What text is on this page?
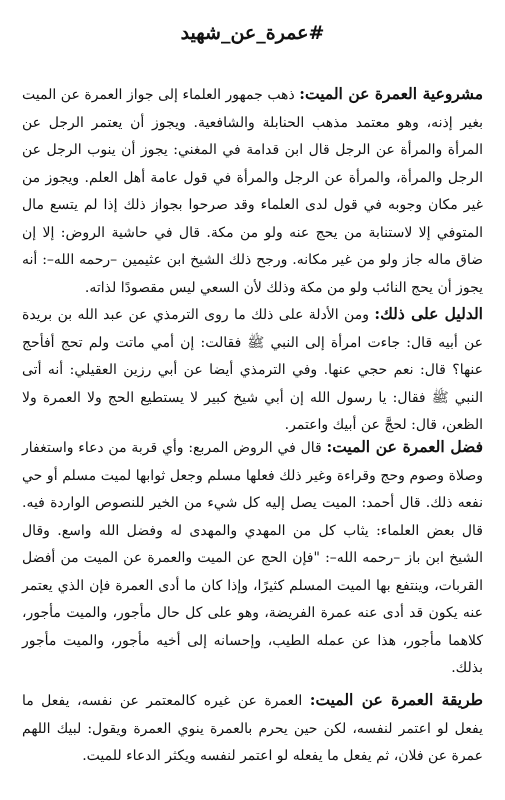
#عمرة_عن_شهيد
مشروعية العمرة عن الميت: ذهب جمهور العلماء إلى جواز العمرة عن الميت بغير إذنه، وهو معتمد مذهب الحنابلة والشافعية. ويجوز أن يعتمر الرجل عن المرأة والمرأة عن الرجل قال ابن قدامة في المغني: يجوز أن ينوب الرجل عن الرجل والمرأة، والمرأة عن الرجل والمرأة في قول عامة أهل العلم. ويجوز من غير مكان وجوبه في قول لدى العلماء وقد صرحوا بجواز ذلك إذا لم يتسع مال المتوفي إلا لاستنابة من يحج عنه ولو من مكة. قال في حاشية الروض: إلا إن ضاق ماله جاز ولو من غير مكانه. ورجح ذلك الشيخ ابن عثيمين –رحمه الله–: أنه يجوز أن يحج النائب ولو من مكة وذلك لأن السعي ليس مقصودًا لذاته.
الدليل على ذلك: ومن الأدلة على ذلك ما روى الترمذي عن عبد الله بن بريدة عن أبيه قال: جاءت امرأة إلى النبي ﷺ فقالت: إن أمي ماتت ولم تحج أفأحج عنها؟ قال: نعم حجي عنها. وفي الترمذي أيضا عن أبي رزين العقيلي: أنه أتى النبي ﷺ فقال: يا رسول الله إن أبي شيخ كبير لا يستطيع الحج ولا العمرة ولا الظعن، قال: لحجَّ عن أبيك واعتمر.
فضل العمرة عن الميت: قال في الروض المربع: وأي قربة من دعاء واستغفار وصلاة وصوم وحج وقراءة وغير ذلك فعلها مسلم وجعل ثوابها لميت مسلم أو حي نفعه ذلك. قال أحمد: الميت يصل إليه كل شيء من الخير للنصوص الواردة فيه. قال بعض العلماء: يثاب كل من المهدي والمهدى له وفضل الله واسع. وقال الشيخ ابن باز –رحمه الله–: "فإن الحج عن الميت والعمرة عن الميت من أفضل القربات، وينتفع بها الميت المسلم كثيرًا، وإذا كان ما أدى العمرة فإن الذي يعتمر عنه يكون قد أدى عنه عمرة الفريضة، وهو على كل حال مأجور، والميت مأجور، كلاهما مأجور، هذا عن عمله الطيب، وإحسانه إلى أخيه مأجور، والميت مأجور بذلك.
طريقة العمرة عن الميت: العمرة عن غيره كالمعتمر عن نفسه، يفعل ما يفعل لو اعتمر لنفسه، لكن حين يحرم بالعمرة ينوي العمرة ويقول: لبيك اللهم عمرة عن فلان، ثم يفعل ما يفعله لو اعتمر لنفسه ويكثر الدعاء للميت.
